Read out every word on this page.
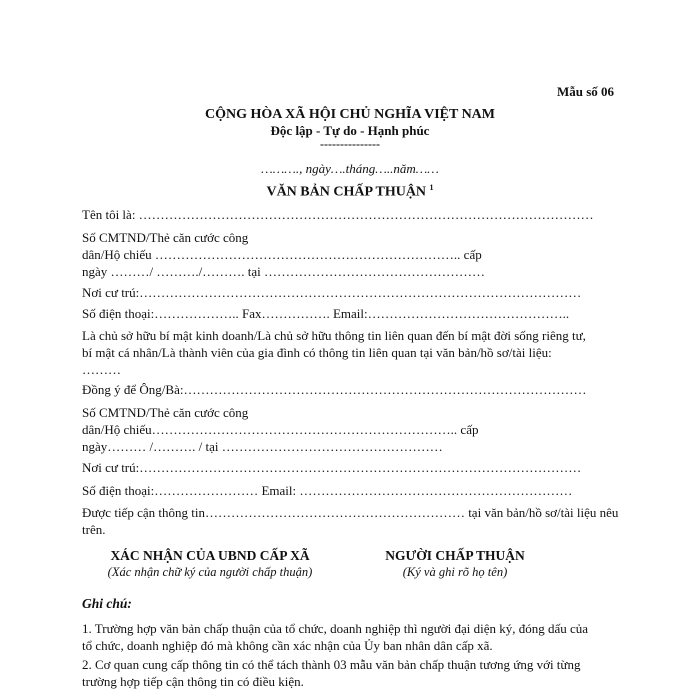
Mẫu số 06
CỘNG HÒA XÃ HỘI CHỦ NGHĨA VIỆT NAM
Độc lập - Tự do - Hạnh phúc
---------------
………., ngày….tháng…..năm……
VĂN BẢN CHẤP THUẬN $^1$
Tên tôi là: ……………………………………………………………………………………………

Số CMTND/Thẻ căn cước công

dân/Hộ chiếu …………………………………………………………….. cấp

ngày ………/ ………./………. tại ……………………………………………

Nơi cư trú:…………………………………………………………………………………………
Số điện thoại:……………….. Fax……………. Email:………………………………………..

Là chủ sở hữu bí mật kinh doanh/Là chủ sở hữu thông tin liên quan đến bí mật đời sống riêng tư,

bí mật cá nhân/Là thành viên của gia đình có thông tin liên quan tại văn bản/hồ sơ/tài liệu:

………

Đồng ý để Ông/Bà:…………………………………………………………………………………

Số CMTND/Thẻ căn cước công

dân/Hộ chiếu…………………………………………………………….. cấp

ngày……… /………. / tại ……………………………………………

Nơi cư trú:…………………………………………………………………………………………
Số điện thoại:…………………… Email: ………………………………………………………

Được tiếp cận thông tin…………………………………………………… tại văn bản/hồ sơ/tài liệu nêu

trên.

XÁC NHẬN CỦA UBND CẤP XÃ
(Xác nhận chữ ký của người chấp thuận)
NGƯỜI CHẤP THUẬN
(Ký và ghi rõ họ tên)
Ghi chú:

1. Trường hợp văn bản chấp thuận của tổ chức, doanh nghiệp thì người đại diện ký, đóng dấu của

tổ chức, doanh nghiệp đó mà không cần xác nhận của Ủy ban nhân dân cấp xã.

2. Cơ quan cung cấp thông tin có thể tách thành 03 mẫu văn bản chấp thuận tương ứng với từng

trường hợp tiếp cận thông tin có điều kiện.
